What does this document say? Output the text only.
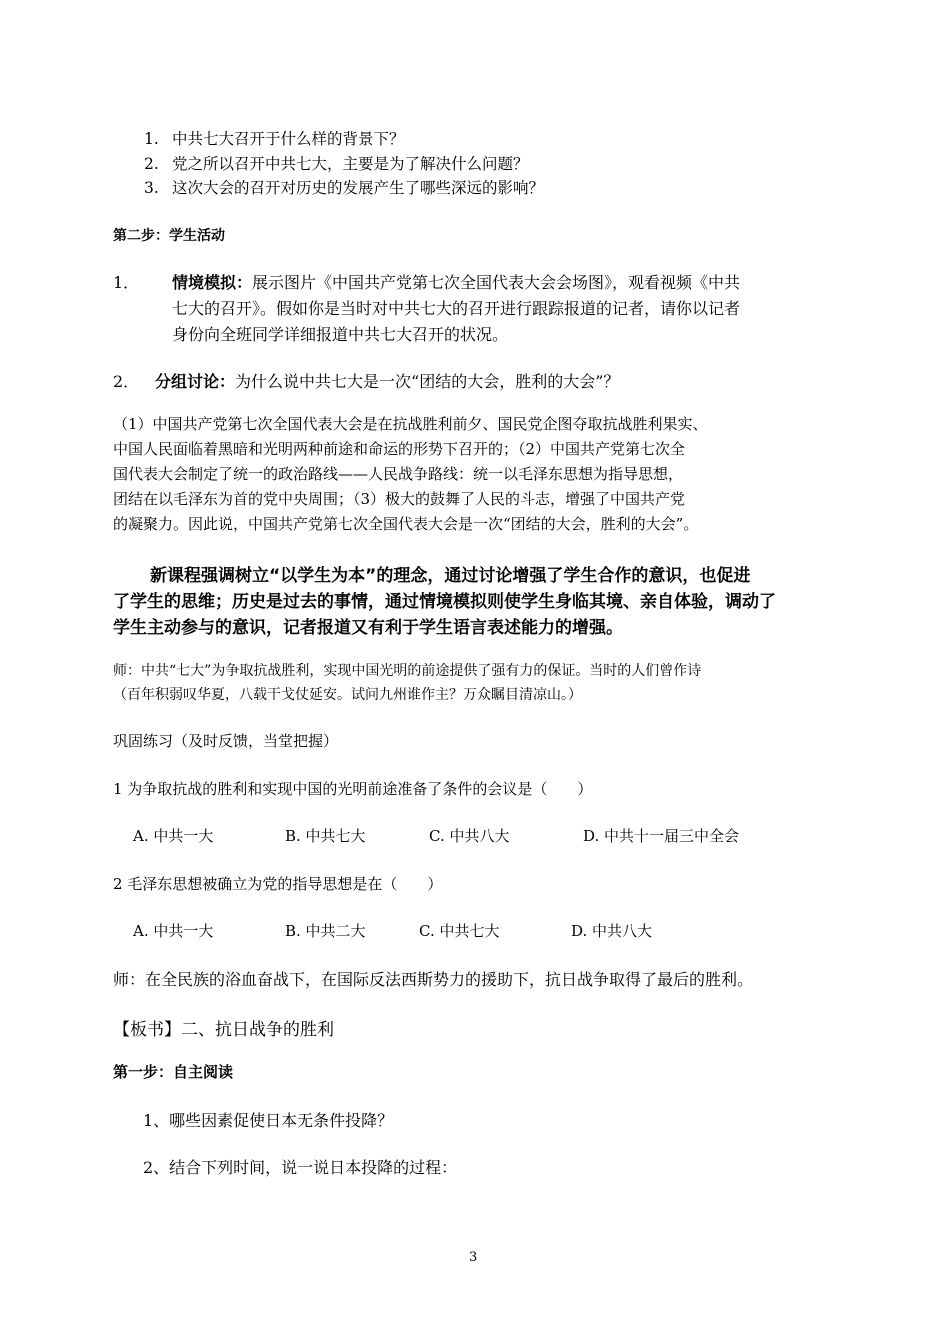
1. 中共七大召开于什么样的背景下？
2. 党之所以召开中共七大，主要是为了解决什么问题？
3. 这次大会的召开对历史的发展产生了哪些深远的影响？
第二步：学生活动
1． 情境模拟：展示图片《中国共产党第七次全国代表大会会场图》，观看视频《中共
七大的召开》。假如你是当时对中共七大的召开进行跟踪报道的记者，请你以记者
身份向全班同学详细报道中共七大召开的状况。
2． 分组讨论：为什么说中共七大是一次“团结的大会，胜利的大会”？
（1）中国共产党第七次全国代表大会是在抗战胜利前夕、国民党企图夺取抗战胜利果实、
中国人民面临着黑暗和光明两种前途和命运的形势下召开的；（2）中国共产党第七次全
国代表大会制定了统一的政治路线——人民战争路线：统一以毛泽东思想为指导思想，
团结在以毛泽东为首的党中央周围；（3）极大的鼓舞了人民的斗志，增强了中国共产党
的凝聚力。因此说，中国共产党第七次全国代表大会是一次“团结的大会，胜利的大会”。
新课程强调树立“以学生为本”的理念，通过讨论增强了学生合作的意识，也促进
了学生的思维；历史是过去的事情，通过情境模拟则使学生身临其境、亲自体验，调动了
学生主动参与的意识，记者报道又有利于学生语言表述能力的增强。
师：中共“七大”为争取抗战胜利，实现中国光明的前途提供了强有力的保证。当时的人们曾作诗
（百年积弱叹华夏，八载干戈仗延安。试问九州谁作主？万众瞩目清凉山。）
巩固练习（及时反馈，当堂把握）
1 为争取抗战的胜利和实现中国的光明前途准备了条件的会议是（　　）
A. 中共一大	B. 中共七大	C. 中共八大	D. 中共十一届三中全会
2 毛泽东思想被确立为党的指导思想是在（　　）
A. 中共一大	B. 中共二大	C. 中共七大	D. 中共八大
师：在全民族的浴血奋战下，在国际反法西斯势力的援助下，抗日战争取得了最后的胜利。
【板书】二、抗日战争的胜利
第一步：自主阅读
1、哪些因素促使日本无条件投降？
2、结合下列时间，说一说日本投降的过程：
3
